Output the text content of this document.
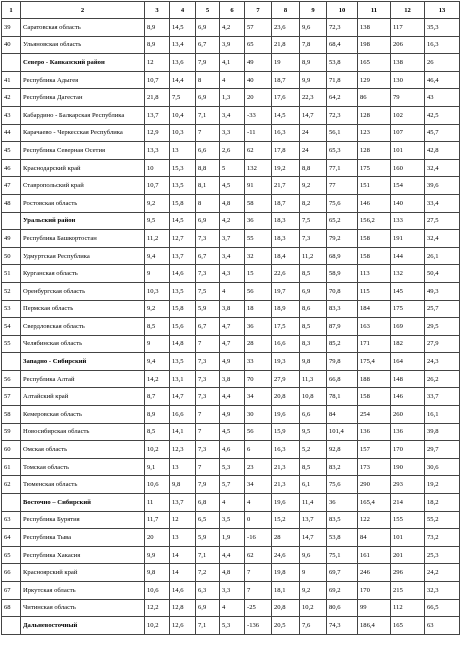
1	2	3	4	5	6	7	8	9	10	11	12	13
39	Саратовская область	8,9	14,5	6,9	4,2	57	23,6	9,6	72,3	138	117	35,3
40	Ульяновская область	8,9	13,4	6,7	3,9	65	21,8	7,8	68,4	198	206	16,3
	Северо - Кавказский район	12	13,6	7,9	4,1	49	19	8,9	53,8	165	138	26
41	Республика Адыгея	10,7	14,4	8	4	40	18,7	9,9	71,8	129	130	46,4
42	Республика Дагестан	21,8	7,5	6,9	1,3	20	17,6	22,3	64,2	86	79	43
43	Кабардино - Балкарская Республика	13,7	10,4	7,1	3,4	-33	14,5	14,7	72,3	128	102	42,5
44	Карачаево - Черкесская Республика	12,9	10,3	7	3,3	-11	16,3	24	56,1	123	107	45,7
45	Республика Северная Осетия	13,3	13	6,6	2,6	62	17,8	24	65,3	128	101	42,8
46	Краснодарский край	10	15,3	8,8	5	132	19,2	8,8	77,1	175	160	32,4
47	Ставропольский край	10,7	13,5	8,1	4,5	91	21,7	9,2	77	151	154	39,6
48	Ростовская область	9,2	15,8	8	4,8	58	18,7	8,2	75,6	146	140	33,4
	Уральский район	9,5	14,5	6,9	4,2	36	18,3	7,5	65,2	156,2	133	27,5
49	Республика Башкортостан	11,2	12,7	7,3	3,7	55	18,3	7,3	79,2	158	191	32,4
50	Удмуртская Республика	9,4	13,7	6,7	3,4	32	18,4	11,2	68,9	158	144	26,1
51	Курганская область	9	14,6	7,3	4,3	15	22,6	8,5	58,9	113	132	50,4
52	Оренбургская область	10,3	13,5	7,5	4	56	19,7	6,9	70,8	115	145	49,3
53	Пермская область	9,2	15,8	5,9	3,8	18	18,9	8,6	83,3	184	175	25,7
54	Свердловская область	8,5	15,6	6,7	4,7	36	17,5	8,5	87,9	163	169	29,5
55	Челябинская область	9	14,8	7	4,7	28	16,6	8,3	85,2	171	182	27,9
	Западно - Сибирский	9,4	13,5	7,3	4,9	33	19,3	9,8	79,8	175,4	164	24,3
56	Республика Алтай	14,2	13,1	7,3	3,8	70	27,9	11,3	66,8	188	148	26,2
57	Алтайский край	8,7	14,7	7,3	4,4	34	20,8	10,8	78,1	158	146	33,7
58	Кемеровская область	8,9	16,6	7	4,9	30	19,6	6,6	84	254	260	16,1
59	Новосибирская область	8,5	14,1	7	4,5	56	15,9	9,5	101,4	136	136	39,8
60	Омская область	10,2	12,3	7,3	4,6	6	16,3	5,2	92,8	157	170	29,7
61	Томская область	9,1	13	7	5,3	23	21,3	8,5	83,2	173	190	30,6
62	Тюменская область	10,6	9,8	7,9	5,7	34	21,3	6,1	75,6	290	293	19,2
	Восточно – Сибирский	11	13,7	6,8	4	4	19,6	11,4	36	165,4	214	18,2
63	Республика Бурятия	11,7	12	6,5	3,5	0	15,2	13,7	83,5	122	155	55,2
64	Республика Тыва	20	13	5,9	1,9	-16	28	14,7	53,8	84	101	73,2
65	Республика Хакасия	9,9	14	7,1	4,4	62	24,6	9,6	75,1	161	201	25,3
66	Красноярский край	9,8	14	7,2	4,8	7	19,8	9	69,7	246	296	24,2
67	Иркутская область	10,6	14,6	6,3	3,3	7	18,1	9,2	69,2	170	215	32,3
68	Читинская область	12,2	12,8	6,9	4	-25	20,8	10,2	80,6	99	112	66,5
	Дальневосточный	10,2	12,6	7,1	5,3	-136	20,5	7,6	74,3	186,4	165	63
